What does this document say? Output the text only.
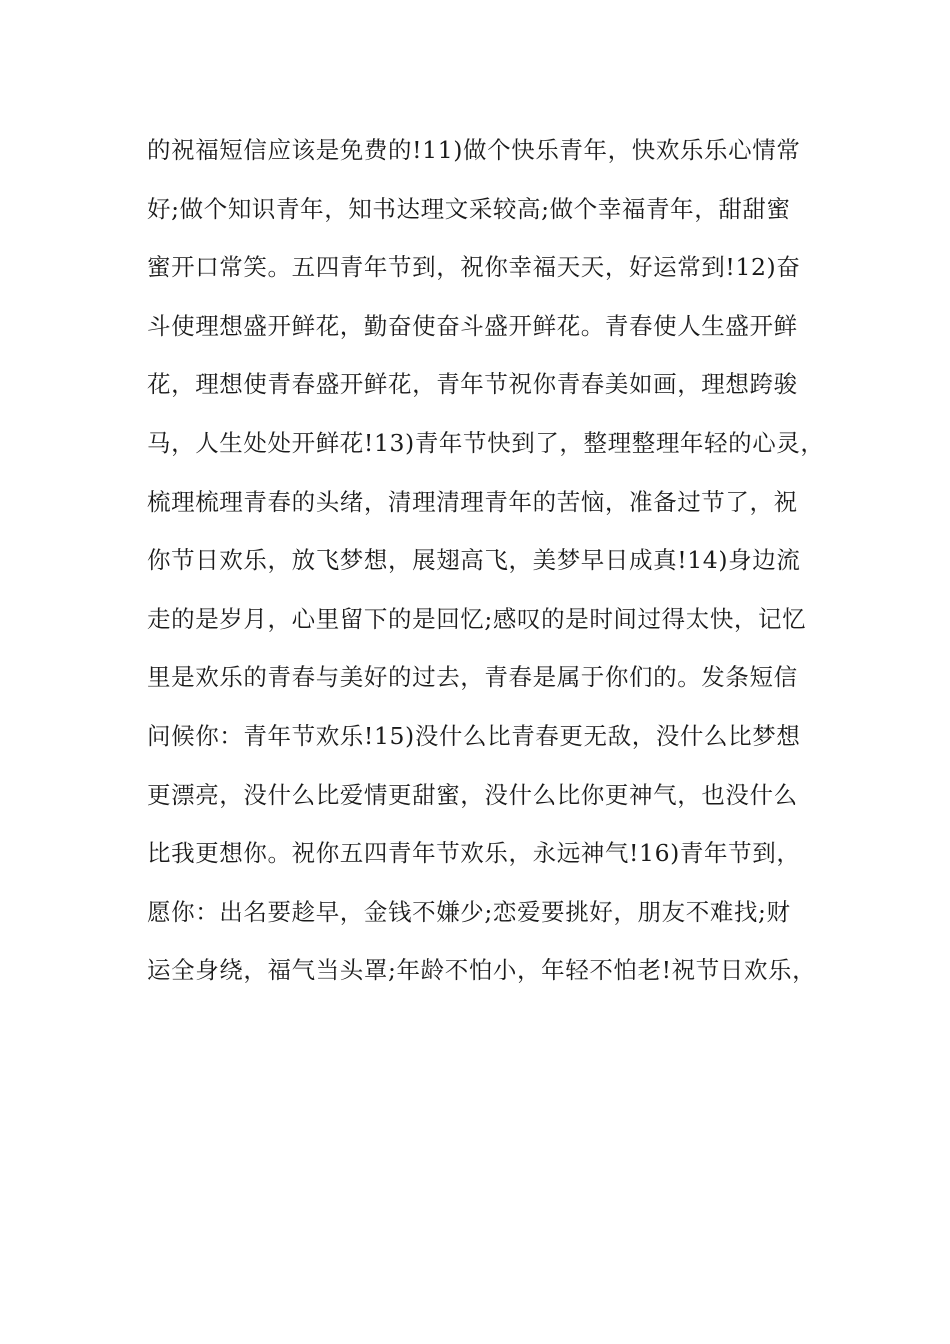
的祝福短信应该是免费的!11)做个快乐青年，快欢乐乐心情常
好;做个知识青年，知书达理文采较高;做个幸福青年，甜甜蜜
蜜开口常笑。五四青年节到，祝你幸福天天，好运常到!12)奋
斗使理想盛开鲜花，勤奋使奋斗盛开鲜花。青春使人生盛开鲜
花，理想使青春盛开鲜花，青年节祝你青春美如画，理想跨骏
马，人生处处开鲜花!13)青年节快到了，整理整理年轻的心灵，
梳理梳理青春的头绪，清理清理青年的苦恼，准备过节了，祝
你节日欢乐，放飞梦想，展翅高飞，美梦早日成真!14)身边流
走的是岁月，心里留下的是回忆;感叹的是时间过得太快，记忆
里是欢乐的青春与美好的过去，青春是属于你们的。发条短信
问候你：青年节欢乐!15)没什么比青春更无敌，没什么比梦想
更漂亮，没什么比爱情更甜蜜，没什么比你更神气，也没什么
比我更想你。祝你五四青年节欢乐，永远神气!16)青年节到，
愿你：出名要趁早，金钱不嫌少;恋爱要挑好，朋友不难找;财
运全身绕，福气当头罩;年龄不怕小，年轻不怕老!祝节日欢乐，
